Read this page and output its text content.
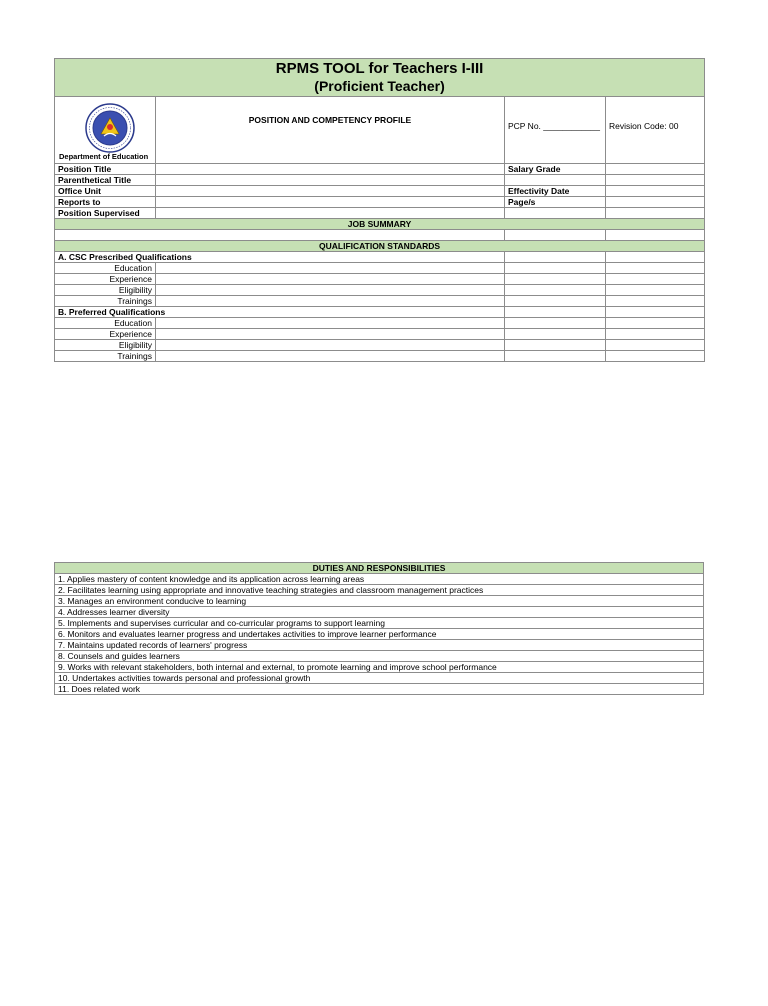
RPMS TOOL for Teachers I-III
(Proficient Teacher)			

Department of Education	POSITION AND COMPETENCY PROFILE	PCP No. ____________	Revision Code: 00
Position Title		Salary Grade	
Parenthetical Title			
Office Unit		Effectivity Date	
Reports to		Page/s	
Position Supervised			
JOB SUMMARY			

QUALIFICATION STANDARDS			
A. CSC Prescribed Qualifications			
Education			
Experience			
Eligibility			
Trainings			
B. Preferred Qualifications			
Education			
Experience			
Eligibility			
Trainings			
DUTIES AND RESPONSIBILITIES
1. Applies mastery of content knowledge and its application across learning areas
2. Facilitates learning using appropriate and innovative teaching strategies and classroom management practices
3. Manages an environment conducive to learning
4. Addresses learner diversity
5. Implements and supervises curricular and co-curricular programs to support learning
6. Monitors and evaluates learner progress and undertakes activities to improve learner performance
7. Maintains updated records of learners' progress
8. Counsels and guides learners
9. Works with relevant stakeholders, both internal and external, to promote learning and improve school performance
10. Undertakes activities towards personal and professional growth
11. Does related work
